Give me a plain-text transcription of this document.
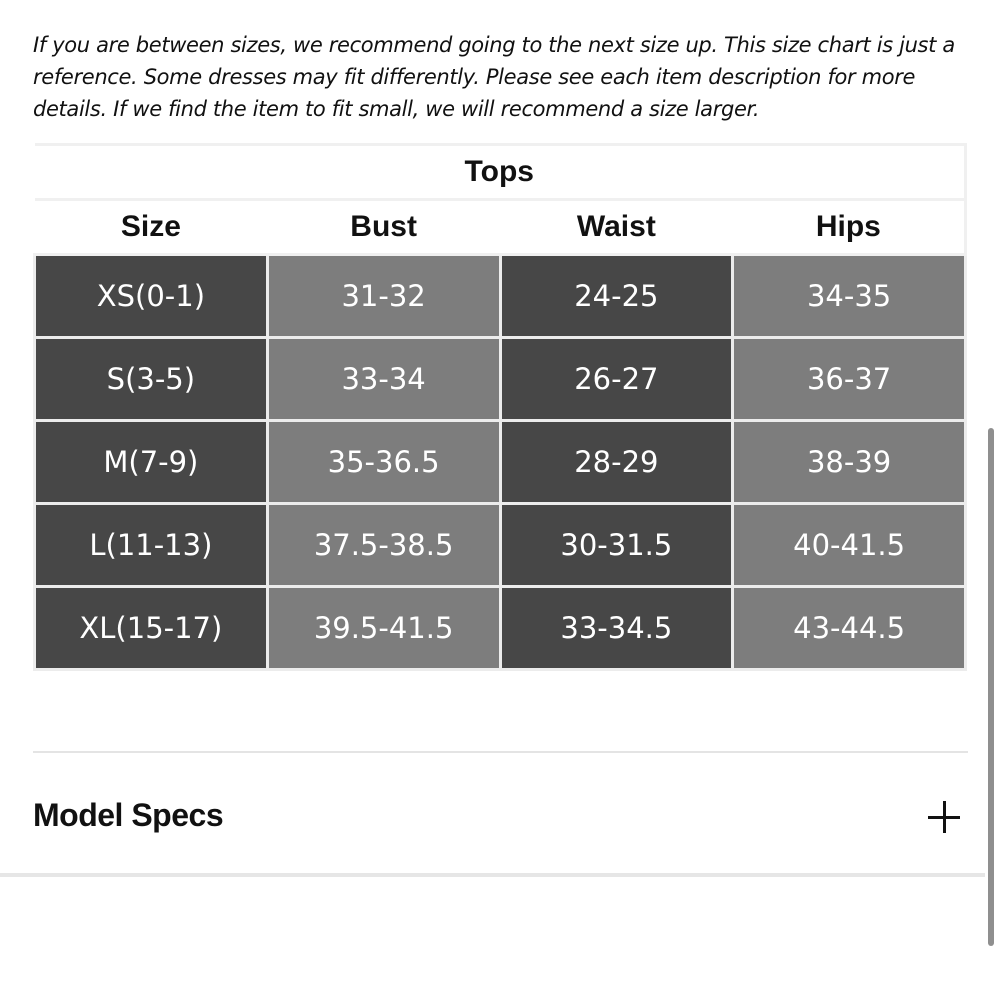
If you are between sizes, we recommend going to the next size up. This size chart is just a reference. Some dresses may fit differently. Please see each item description for more details. If we find the item to fit small, we will recommend a size larger.

Tops			
Size	Bust	Waist	Hips
XS(0-1)	31-32	24-25	34-35
S(3-5)	33-34	26-27	36-37
M(7-9)	35-36.5	28-29	38-39
L(11-13)	37.5-38.5	30-31.5	40-41.5
XL(15-17)	39.5-41.5	33-34.5	43-44.5
Model Specs
